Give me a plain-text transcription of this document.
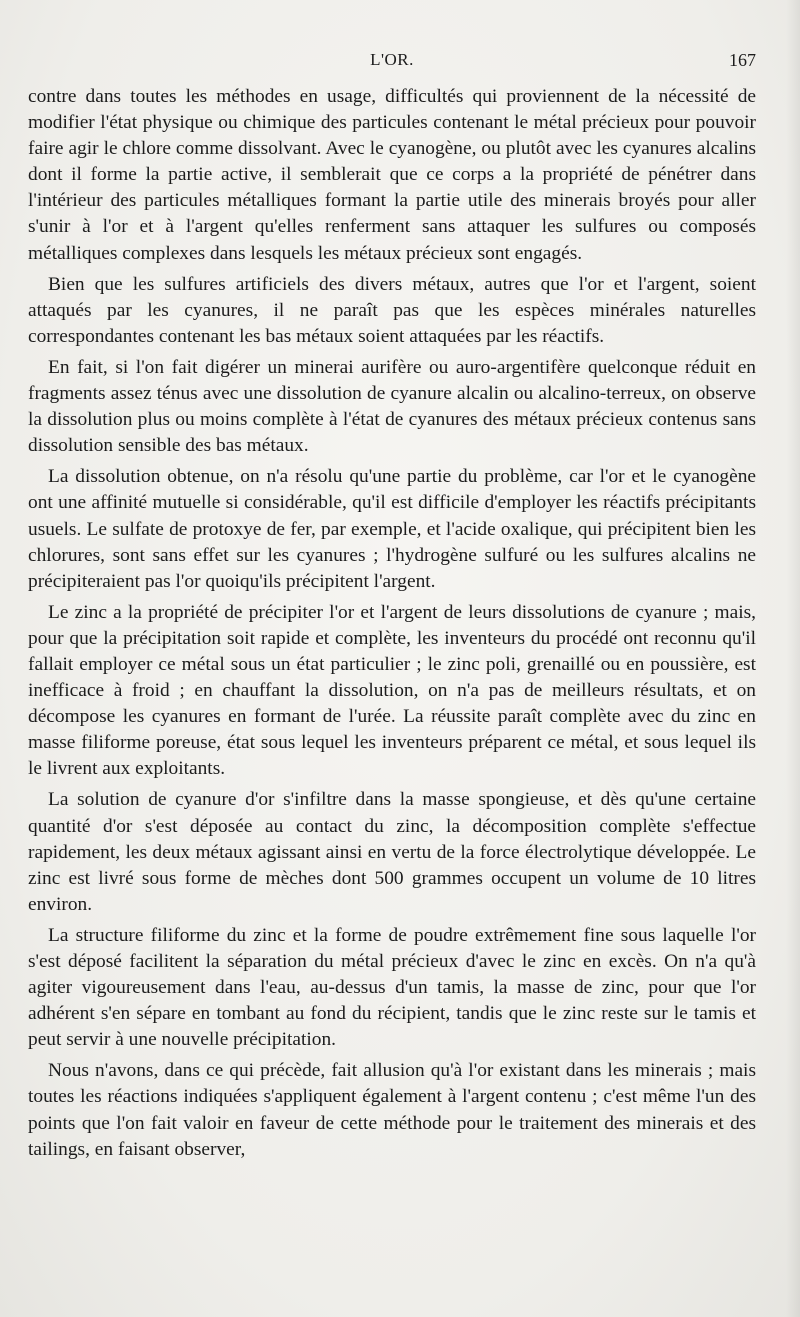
L'OR.	167

contre dans toutes les méthodes en usage, difficultés qui proviennent de la nécessité de modifier l'état physique ou chimique des particules contenant le métal précieux pour pouvoir faire agir le chlore comme dissolvant. Avec le cyanogène, ou plutôt avec les cyanures alcalins dont il forme la partie active, il semblerait que ce corps a la propriété de pénétrer dans l'intérieur des particules métalliques formant la partie utile des minerais broyés pour aller s'unir à l'or et à l'argent qu'elles renferment sans attaquer les sulfures ou composés métalliques complexes dans lesquels les métaux précieux sont engagés.

Bien que les sulfures artificiels des divers métaux, autres que l'or et l'argent, soient attaqués par les cyanures, il ne paraît pas que les espèces minérales naturelles correspondantes contenant les bas métaux soient attaquées par les réactifs.

En fait, si l'on fait digérer un minerai aurifère ou auro-argentifère quelconque réduit en fragments assez ténus avec une dissolution de cyanure alcalin ou alcalino-terreux, on observe la dissolution plus ou moins complète à l'état de cyanures des métaux précieux contenus sans dissolution sensible des bas métaux.

La dissolution obtenue, on n'a résolu qu'une partie du problème, car l'or et le cyanogène ont une affinité mutuelle si considérable, qu'il est difficile d'employer les réactifs précipitants usuels. Le sulfate de protoxye de fer, par exemple, et l'acide oxalique, qui précipitent bien les chlorures, sont sans effet sur les cyanures ; l'hydrogène sulfuré ou les sulfures alcalins ne précipiteraient pas l'or quoiqu'ils précipitent l'argent.

Le zinc a la propriété de précipiter l'or et l'argent de leurs dissolutions de cyanure ; mais, pour que la précipitation soit rapide et complète, les inventeurs du procédé ont reconnu qu'il fallait employer ce métal sous un état particulier ; le zinc poli, grenaillé ou en poussière, est inefficace à froid ; en chauffant la dissolution, on n'a pas de meilleurs résultats, et on décompose les cyanures en formant de l'urée. La réussite paraît complète avec du zinc en masse filiforme poreuse, état sous lequel les inventeurs préparent ce métal, et sous lequel ils le livrent aux exploitants.

La solution de cyanure d'or s'infiltre dans la masse spongieuse, et dès qu'une certaine quantité d'or s'est déposée au contact du zinc, la décomposition complète s'effectue rapidement, les deux métaux agissant ainsi en vertu de la force électrolytique développée. Le zinc est livré sous forme de mèches dont 500 grammes occupent un volume de 10 litres environ.

La structure filiforme du zinc et la forme de poudre extrêmement fine sous laquelle l'or s'est déposé facilitent la séparation du métal précieux d'avec le zinc en excès. On n'a qu'à agiter vigoureusement dans l'eau, au-dessus d'un tamis, la masse de zinc, pour que l'or adhérent s'en sépare en tombant au fond du récipient, tandis que le zinc reste sur le tamis et peut servir à une nouvelle précipitation.

Nous n'avons, dans ce qui précède, fait allusion qu'à l'or existant dans les minerais ; mais toutes les réactions indiquées s'appliquent également à l'argent contenu ; c'est même l'un des points que l'on fait valoir en faveur de cette méthode pour le traitement des minerais et des tailings, en faisant observer,
